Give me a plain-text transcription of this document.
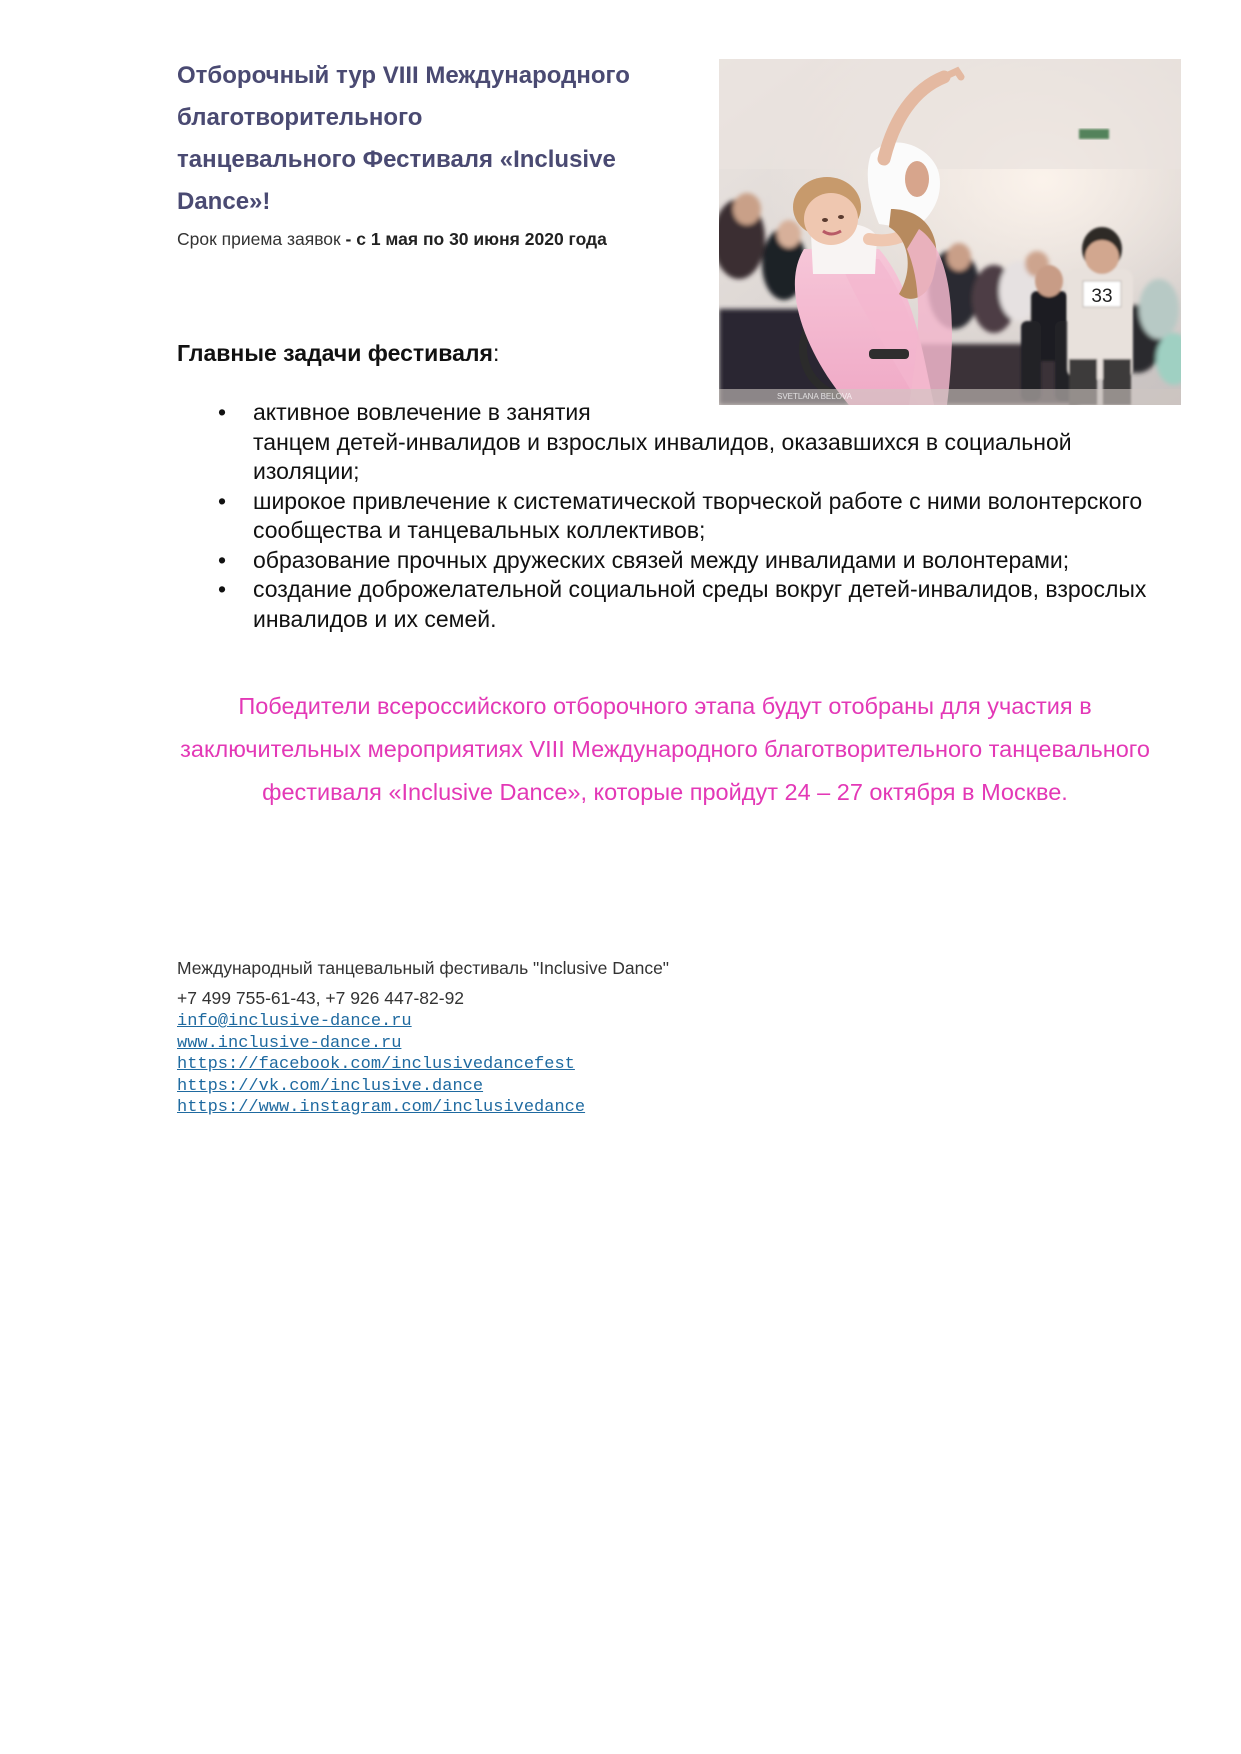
Отборочный тур VIII Международного
благотворительного
танцевального Фестиваля «Inclusive
Dance»!
Срок приема заявок - с 1 мая по 30 июня 2020 года
33
SVETLANA BELOVA
Главные задачи фестиваля:
• активное вовлечение в занятия
танцем детей-инвалидов и взрослых инвалидов, оказавшихся в социальной изоляции;
• широкое привлечение к систематической творческой работе с ними волонтерского сообщества и танцевальных коллективов;
• образование прочных дружеских связей между инвалидами и волонтерами;
• создание доброжелательной социальной среды вокруг детей-инвалидов, взрослых инвалидов и их семей.
Победители всероссийского отборочного этапа будут отобраны для участия в заключительных мероприятиях VIII Международного благотворительного танцевального фестиваля «Inclusive Dance», которые пройдут 24 – 27 октября в Москве.
Международный танцевальный фестиваль "Inclusive Dance"
+7 499 755-61-43, +7 926 447-82-92
info@inclusive-dance.ru
www.inclusive-dance.ru
https://facebook.com/inclusivedancefest
https://vk.com/inclusive.dance
https://www.instagram.com/inclusivedance
